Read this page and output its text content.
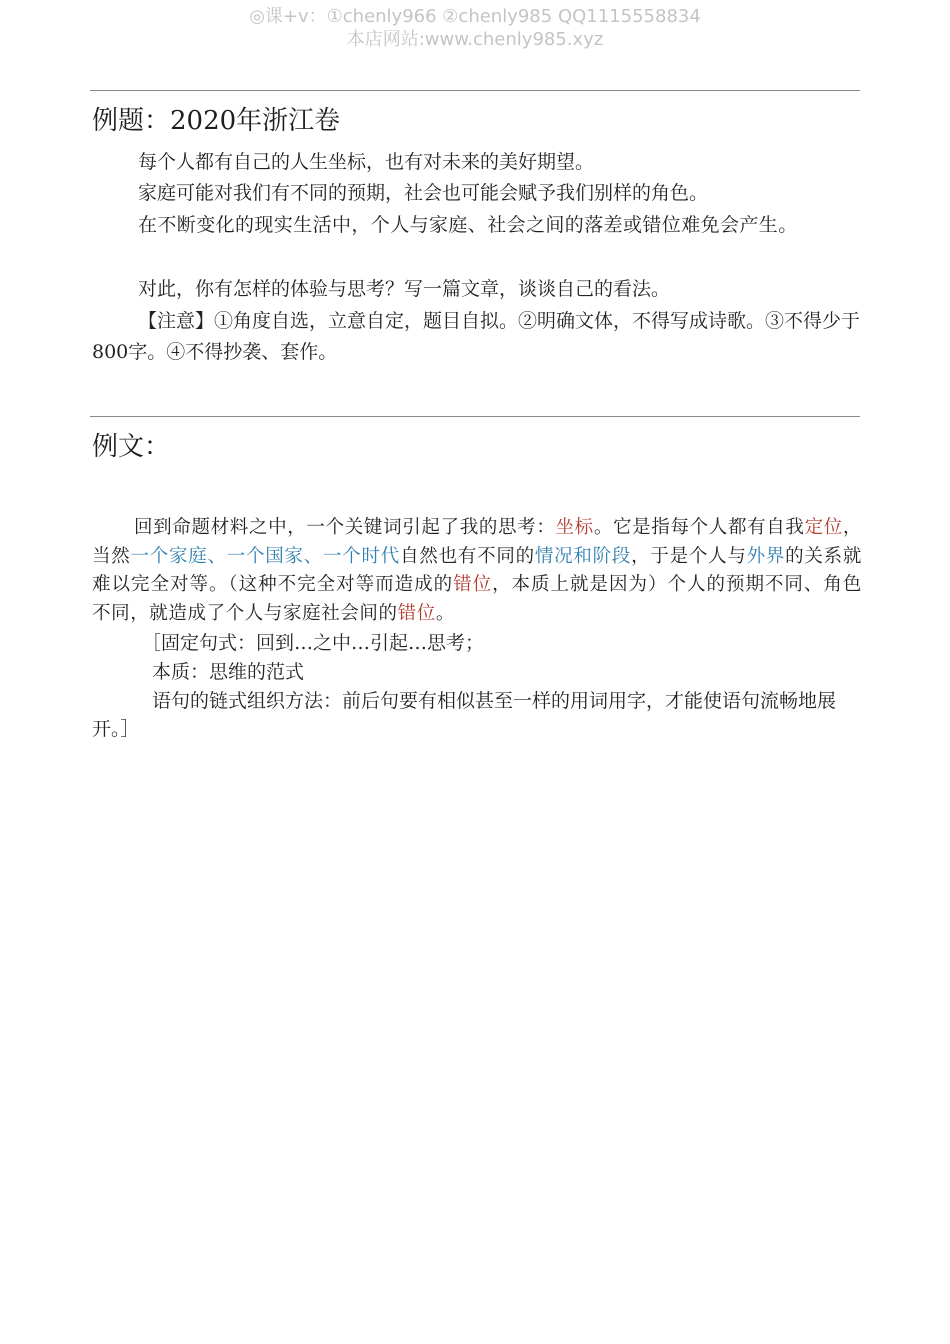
◎课+v：①chenly966 ②chenly985 QQ1115558834
本店网站:www.chenly985.xyz
例题：2020年浙江卷

每个人都有自己的人生坐标，也有对未来的美好期望。

家庭可能对我们有不同的预期，社会也可能会赋予我们别样的角色。

在不断变化的现实生活中，个人与家庭、社会之间的落差或错位难免会产生。

对此，你有怎样的体验与思考？写一篇文章，谈谈自己的看法。

【注意】①角度自选，立意自定，题目自拟。②明确文体，不得写成诗歌。③不得少于800字。④不得抄袭、套作。

例文：

回到命题材料之中，一个关键词引起了我的思考：坐标。它是指每个人都有自我定位，当然一个家庭、一个国家、一个时代自然也有不同的情况和阶段，于是个人与外界的关系就难以完全对等。（这种不完全对等而造成的错位，本质上就是因为）个人的预期不同、角色不同，就造成了个人与家庭社会间的错位。

［固定句式：回到…之中…引起…思考；

本质：思维的范式

语句的链式组织方法：前后句要有相似甚至一样的用词用字，才能使语句流畅地展开。］
